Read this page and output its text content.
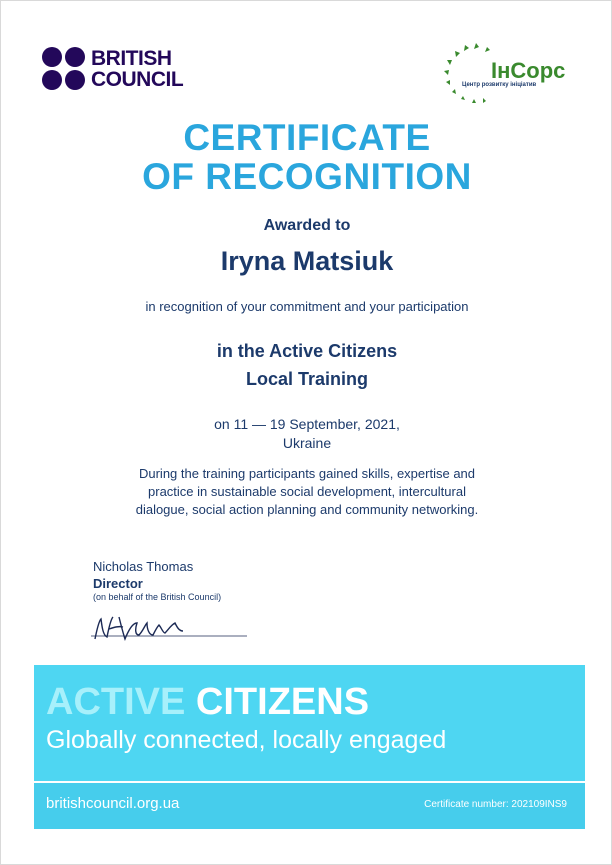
BRITISH
COUNCIL	ІнСорс
Центр розвитку ініціатив
CERTIFICATE
OF RECOGNITION
Awarded to
Iryna Matsiuk
in recognition of your commitment and your participation
in the Active Citizens
Local Training
on 11 — 19 September, 2021,
Ukraine
During the training participants gained skills, expertise and
practice in sustainable social development, intercultural
dialogue, social action planning and community networking.
Nicholas Thomas
Director
(on behalf of the British Council)
ACTIVE CITIZENS
Globally connected, locally engaged
britishcouncil.org.ua	Certificate number: 202109INS9
